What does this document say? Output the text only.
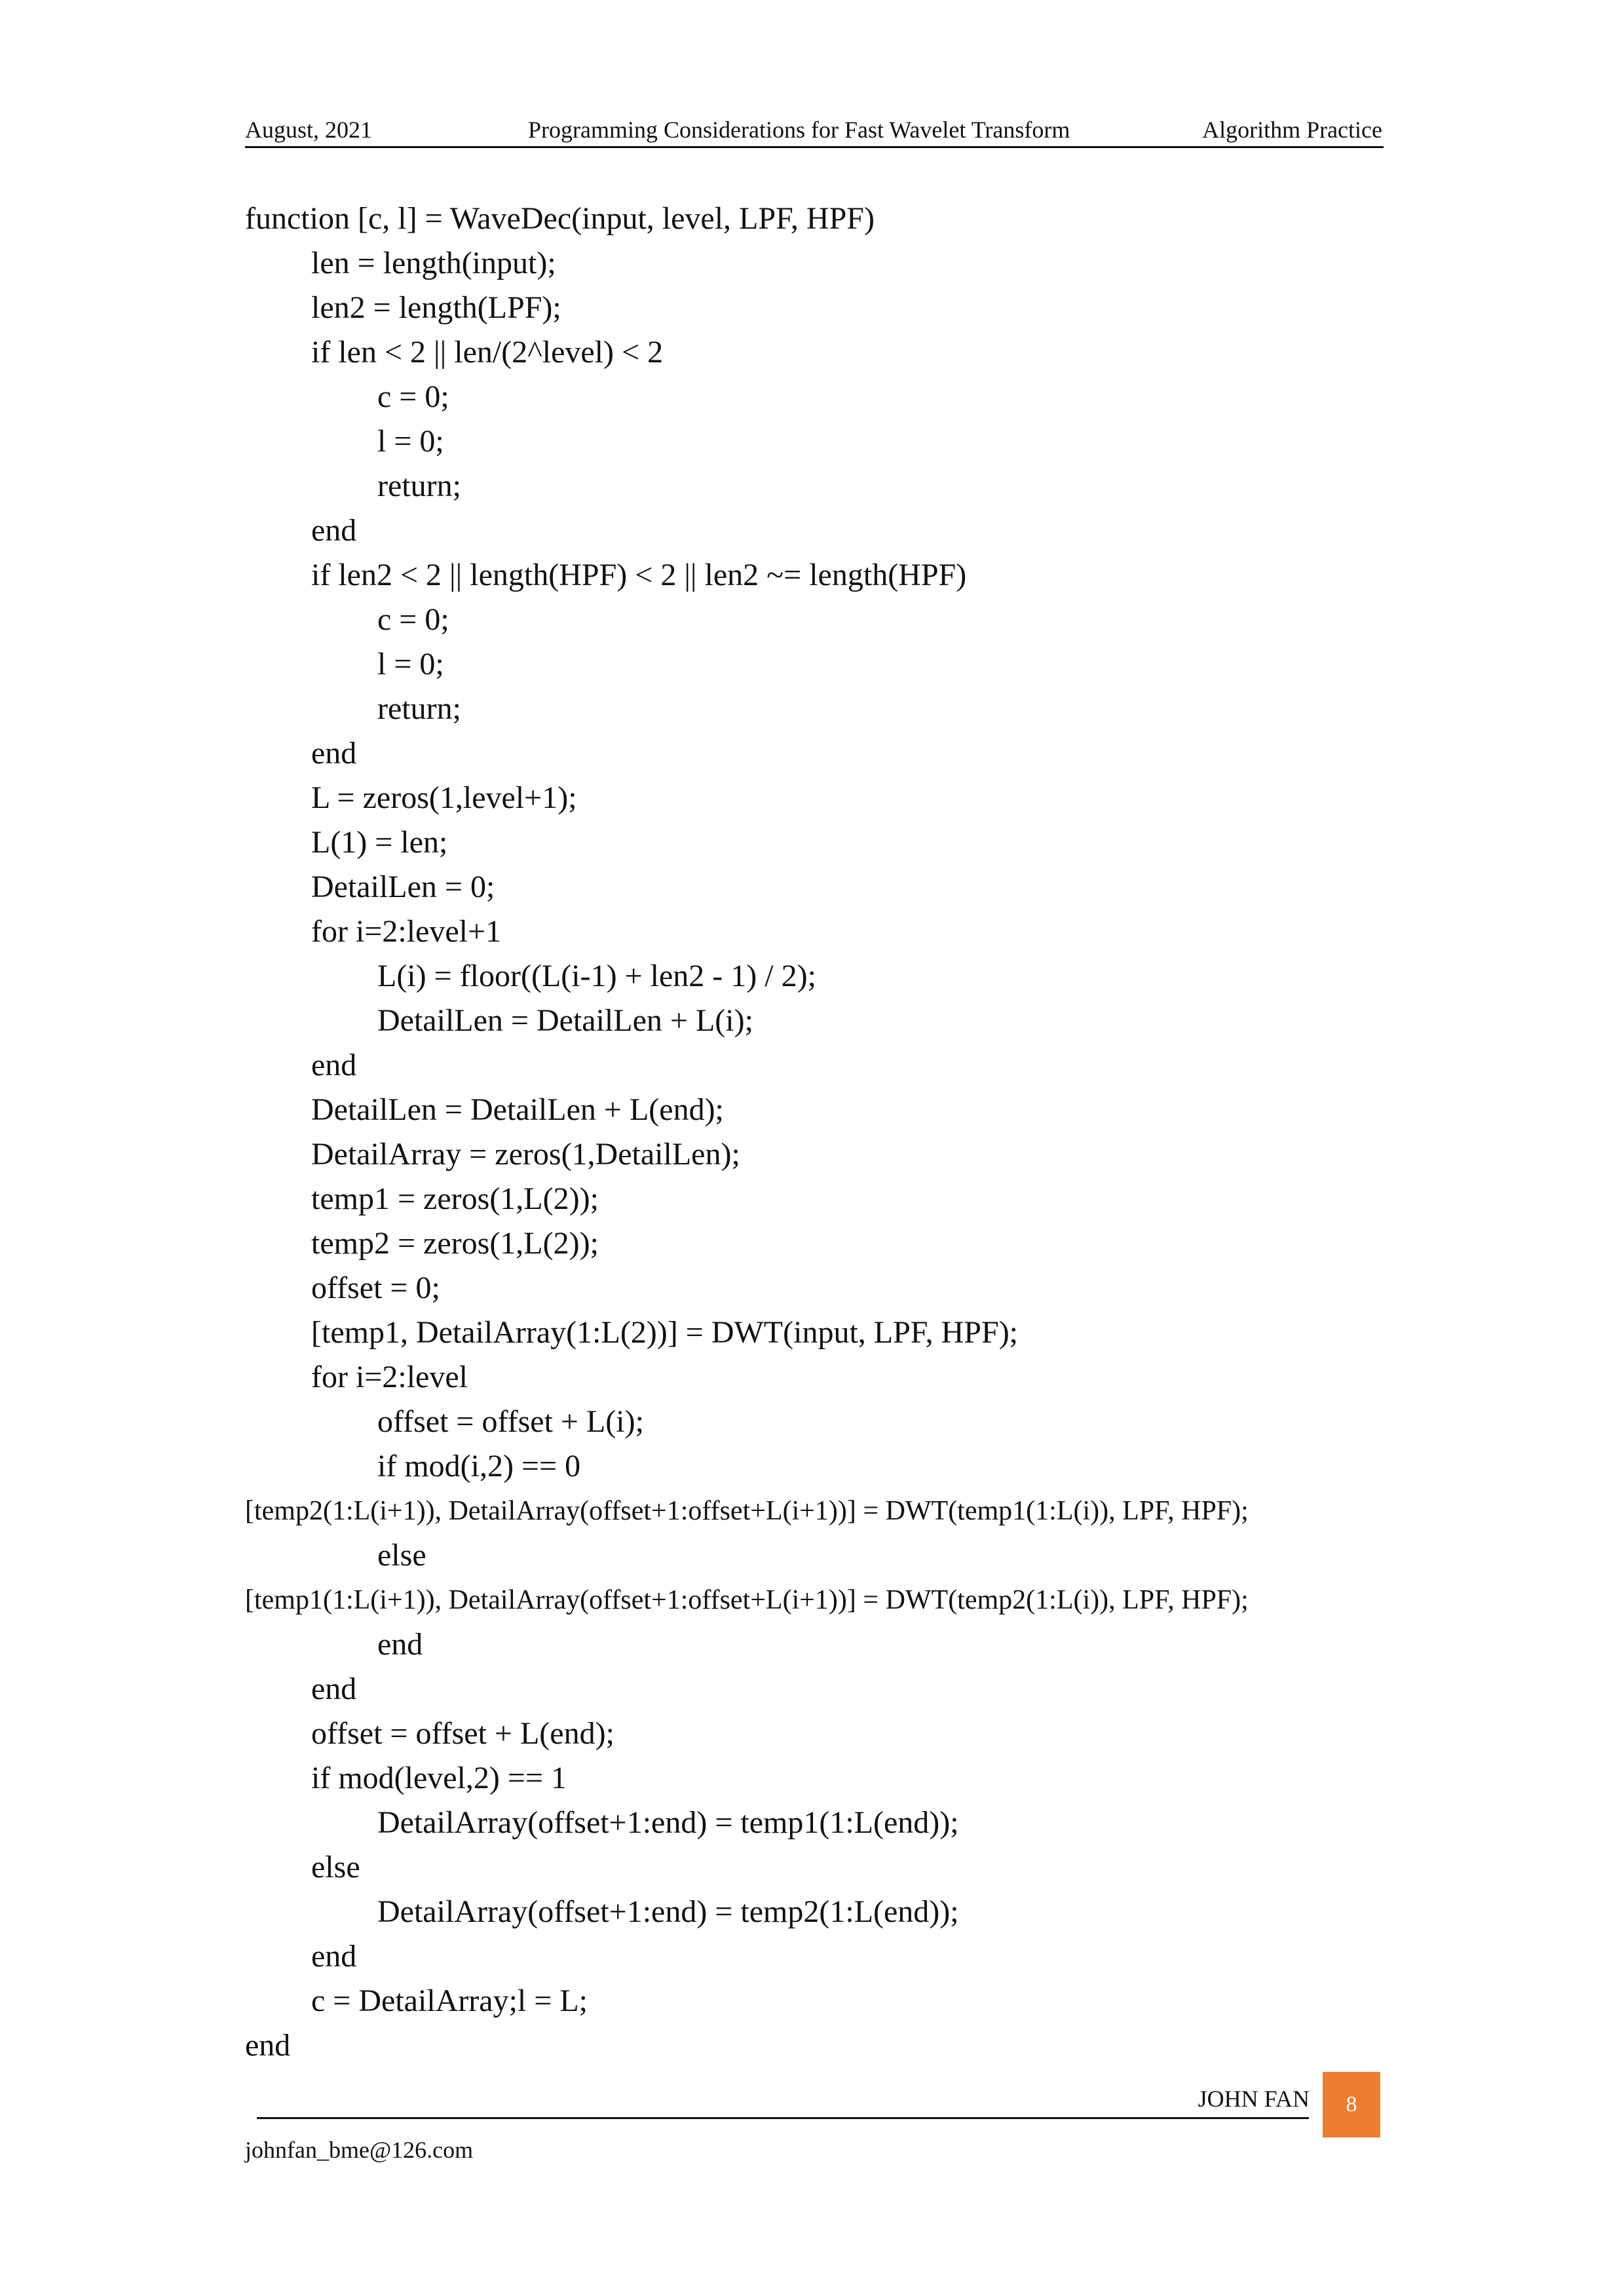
August, 2021	Programming Considerations for Fast Wavelet Transform	Algorithm Practice
function [c, l] = WaveDec(input, level, LPF, HPF)
len = length(input);
len2 = length(LPF);
if len < 2 || len/(2^level) < 2
c = 0;
l = 0;
return;
end
if len2 < 2 || length(HPF) < 2 || len2 ~= length(HPF)
c = 0;
l = 0;
return;
end
L = zeros(1,level+1);
L(1) = len;
DetailLen = 0;
for i=2:level+1
L(i) = floor((L(i-1) + len2 - 1) / 2);
DetailLen = DetailLen + L(i);
end
DetailLen = DetailLen + L(end);
DetailArray = zeros(1,DetailLen);
temp1 = zeros(1,L(2));
temp2 = zeros(1,L(2));
offset = 0;
[temp1, DetailArray(1:L(2))] = DWT(input, LPF, HPF);
for i=2:level
offset = offset + L(i);
if mod(i,2) == 0
[temp2(1:L(i+1)), DetailArray(offset+1:offset+L(i+1))] = DWT(temp1(1:L(i)), LPF, HPF);
else
[temp1(1:L(i+1)), DetailArray(offset+1:offset+L(i+1))] = DWT(temp2(1:L(i)), LPF, HPF);
end
end
offset = offset + L(end);
if mod(level,2) == 1
DetailArray(offset+1:end) = temp1(1:L(end));
else
DetailArray(offset+1:end) = temp2(1:L(end));
end
c = DetailArray;l = L;
end
JOHN FAN	8
johnfan_bme@126.com
